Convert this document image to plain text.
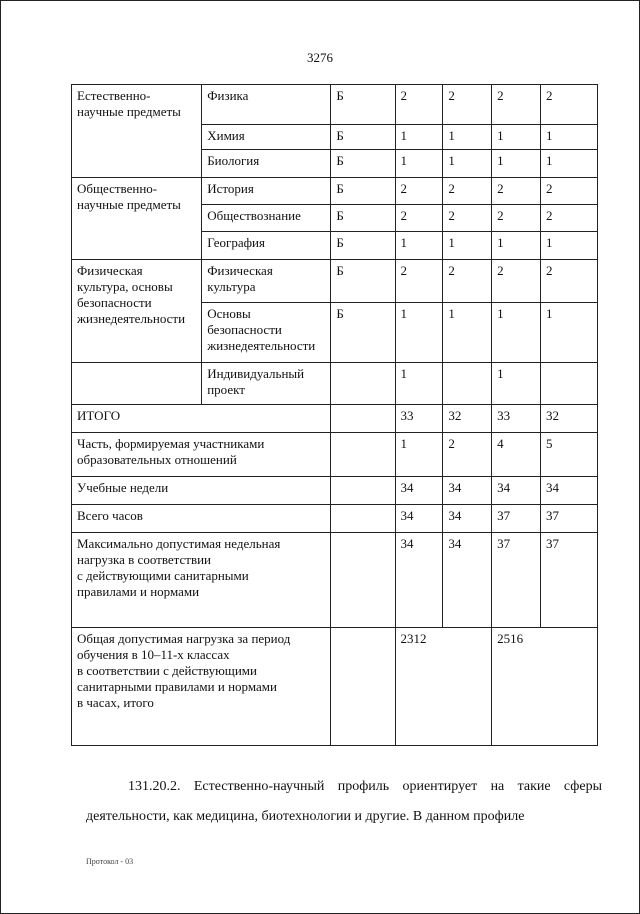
3276
Естественно-
научные предметы	Физика	Б	2	2	2	2
	Химия	Б	1	1	1	1
	Биология	Б	1	1	1	1
Общественно-
научные предметы	История	Б	2	2	2	2
	Обществознание	Б	2	2	2	2
	География	Б	1	1	1	1
Физическая
культура, основы
безопасности
жизнедеятельности	Физическая
культура	Б	2	2	2	2
	Основы
безопасности
жизнедеятельности	Б	1	1	1	1
	Индивидуальный
проект		1		1	
ИТОГО			33	32	33	32
Часть, формируемая участниками
образовательных отношений			1	2	4	5
Учебные недели			34	34	34	34
Всего часов			34	34	37	37
Максимально допустимая недельная
нагрузка в соответствии
с действующими санитарными
правилами и нормами			34	34	37	37
Общая допустимая нагрузка за период
обучения в 10–11-х классах
в соответствии с действующими
санитарными правилами и нормами
в часах, итого			2312		2516	
131.20.2. Естественно-научный профиль ориентирует на такие сферы деятельности, как медицина, биотехнологии и другие. В данном профиле
Протокол - 03
